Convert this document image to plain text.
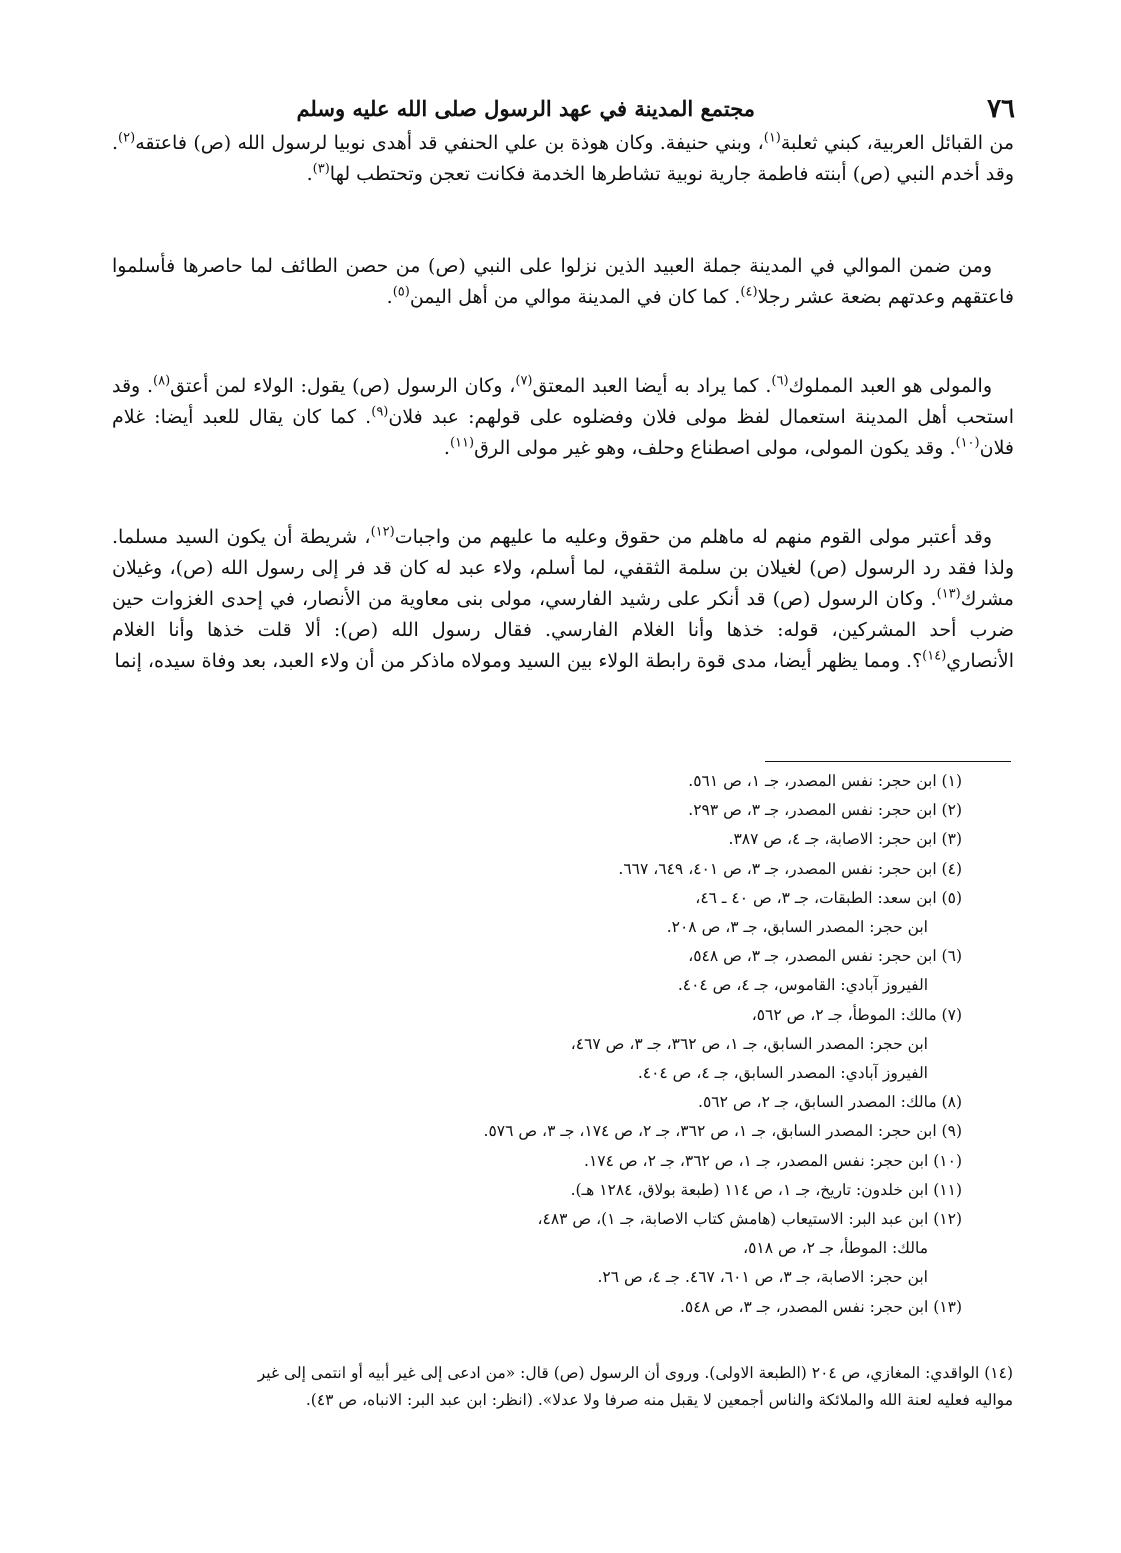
٧٦
مجتمع المدينة في عهد الرسول صلى الله عليه وسلم

من القبائل العربية، كبني ثعلبة$^{(١)}$، وبني حنيفة. وكان هوذة بن علي الحنفي قد أهدى نوبيا لرسول الله (ص) فاعتقه$^{(٢)}$. وقد أخدم النبي (ص) أبنته فاطمة جارية نوبية تشاطرها الخدمة فكانت تعجن وتحتطب لها$^{(٣)}$.

ومن ضمن الموالي في المدينة جملة العبيد الذين نزلوا على النبي (ص) من حصن الطائف لما حاصرها فأسلموا فاعتقهم وعدتهم بضعة عشر رجلا$^{(٤)}$. كما كان في المدينة موالي من أهل اليمن$^{(٥)}$.

والمولى هو العبد المملوك$^{(٦)}$. كما يراد به أيضا العبد المعتق$^{(٧)}$، وكان الرسول (ص) يقول: الولاء لمن أعتق$^{(٨)}$. وقد استحب أهل المدينة استعمال لفظ مولى فلان وفضلوه على قولهم: عبد فلان$^{(٩)}$. كما كان يقال للعبد أيضا: غلام فلان$^{(١٠)}$. وقد يكون المولى، مولى اصطناع وحلف، وهو غير مولى الرق$^{(١١)}$.

وقد أعتبر مولى القوم منهم له ماهلم من حقوق وعليه ما عليهم من واجبات$^{(١٢)}$، شريطة أن يكون السيد مسلما. ولذا فقد رد الرسول (ص) لغيلان بن سلمة الثقفي، لما أسلم، ولاء عبد له كان قد فر إلى رسول الله (ص)، وغيلان مشرك$^{(١٣)}$. وكان الرسول (ص) قد أنكر على رشيد الفارسي، مولى بنى معاوية من الأنصار، في إحدى الغزوات حين ضرب أحد المشركين، قوله: خذها وأنا الغلام الفارسي. فقال رسول الله (ص): ألا قلت خذها وأنا الغلام الأنصاري$^{(١٤)}$؟. ومما يظهر أيضا، مدى قوة رابطة الولاء بين السيد ومولاه ماذكر من أن ولاء العبد، بعد وفاة سيده، إنما

(١) ابن حجر: نفس المصدر، جـ ١، ص ٥٦١.

(٢) ابن حجر: نفس المصدر، جـ ٣، ص ٢٩٣.

(٣) ابن حجر: الاصابة، جـ ٤، ص ٣٨٧.

(٤) ابن حجر: نفس المصدر، جـ ٣، ص ٤٠١، ٦٤٩، ٦٦٧.

(٥) ابن سعد: الطبقات، جـ ٣، ص ٤٠ ـ ٤٦،

ابن حجر: المصدر السابق، جـ ٣، ص ٢٠٨.

(٦) ابن حجر: نفس المصدر، جـ ٣، ص ٥٤٨،

الفيروز آبادي: القاموس، جـ ٤، ص ٤٠٤.

(٧) مالك: الموطأ، جـ ٢، ص ٥٦٢،

ابن حجر: المصدر السابق، جـ ١، ص ٣٦٢، جـ ٣، ص ٤٦٧،

الفيروز آبادي: المصدر السابق، جـ ٤، ص ٤٠٤.

(٨) مالك: المصدر السابق، جـ ٢، ص ٥٦٢.

(٩) ابن حجر: المصدر السابق، جـ ١، ص ٣٦٢، جـ ٢، ص ١٧٤، جـ ٣، ص ٥٧٦.

(١٠) ابن حجر: نفس المصدر، جـ ١، ص ٣٦٢، جـ ٢، ص ١٧٤.

(١١) ابن خلدون: تاريخ، جـ ١، ص ١١٤ (طبعة بولاق، ١٢٨٤ هـ).

(١٢) ابن عبد البر: الاستيعاب (هامش كتاب الاصابة، جـ ١)، ص ٤٨٣،

مالك: الموطأ، جـ ٢، ص ٥١٨،

ابن حجر: الاصابة، جـ ٣، ص ٦٠١، ٤٦٧. جـ ٤، ص ٢٦.

(١٣) ابن حجر: نفس المصدر، جـ ٣، ص ٥٤٨.

(١٤) الواقدي: المغازي، ص ٢٠٤ (الطبعة الاولى). وروى أن الرسول (ص) قال: «من ادعى إلى غير أبيه أو انتمى إلى غير

مواليه فعليه لعنة الله والملائكة والناس أجمعين لا يقبل منه صرفا ولا عدلا». (انظر: ابن عبد البر: الانباه، ص ٤٣).
